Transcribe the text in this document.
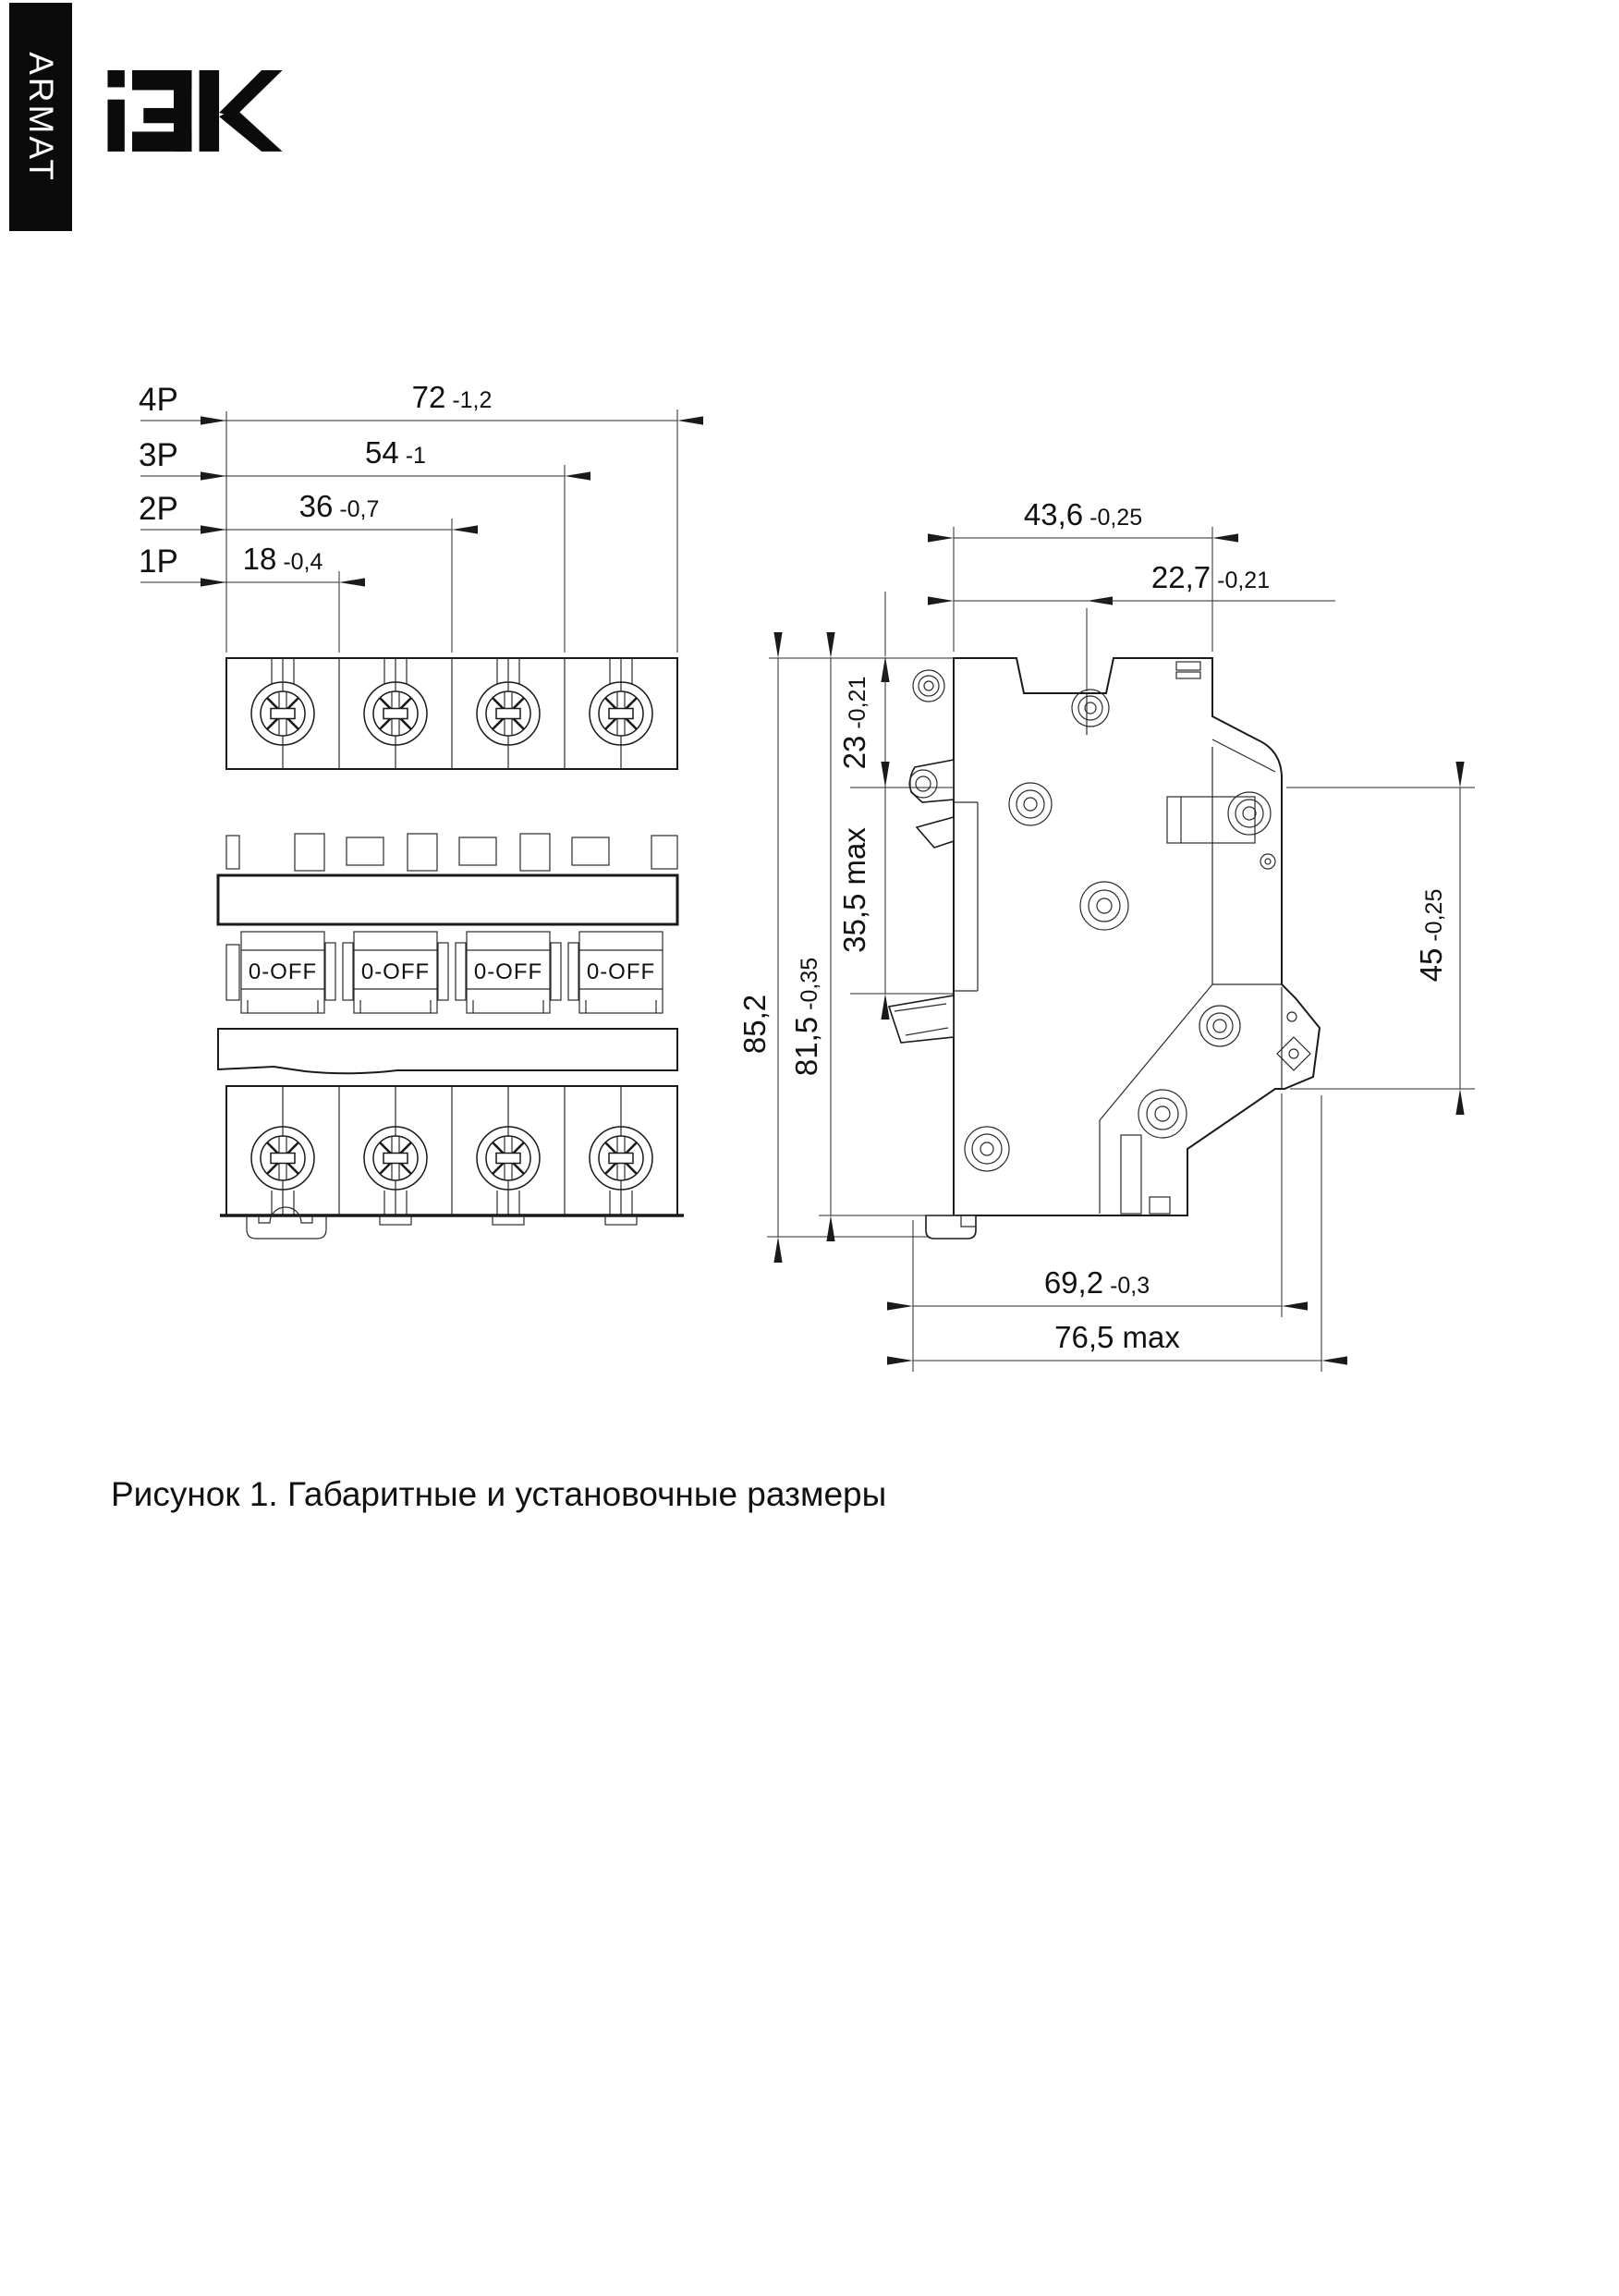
ARMAT
4P	72 -1,2
3P	54 -1
2P	36 -0,7
1P 18 -0,4
0-OFF 0-OFF 0-OFF 0-OFF
43,6 -0,25
22,7 -0,21
85,2 81,5-0,35
23-0,21
35,5 max
45-0,25
69,2 -0,3
76,5 max
Рисунок 1. Габаритные и установочные размеры
